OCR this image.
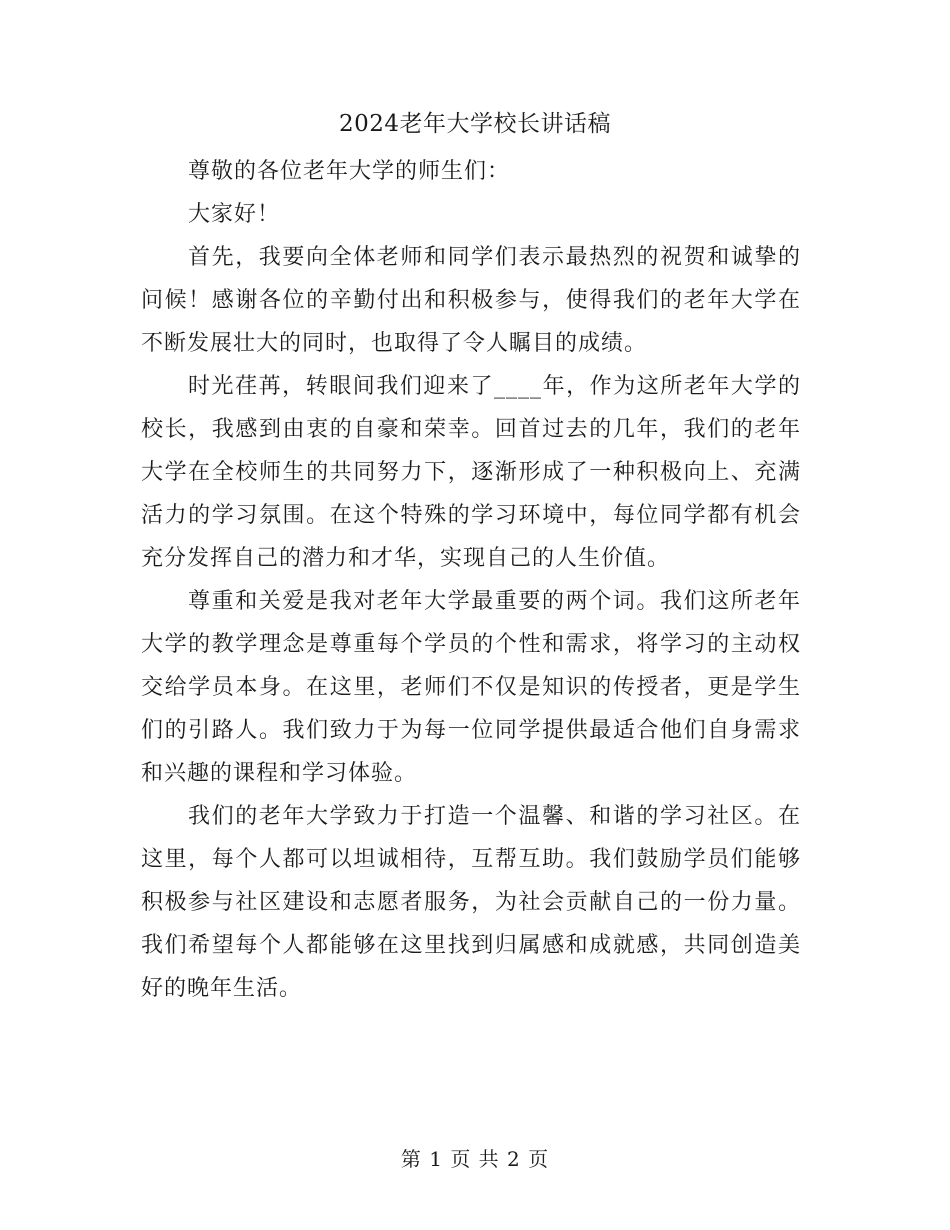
2024老年大学校长讲话稿

尊敬的各位老年大学的师生们：

大家好！

首先，我要向全体老师和同学们表示最热烈的祝贺和诚挚的问候！感谢各位的辛勤付出和积极参与，使得我们的老年大学在不断发展壮大的同时，也取得了令人瞩目的成绩。

时光荏苒，转眼间我们迎来了____年，作为这所老年大学的校长，我感到由衷的自豪和荣幸。回首过去的几年，我们的老年大学在全校师生的共同努力下，逐渐形成了一种积极向上、充满活力的学习氛围。在这个特殊的学习环境中，每位同学都有机会充分发挥自己的潜力和才华，实现自己的人生价值。

尊重和关爱是我对老年大学最重要的两个词。我们这所老年大学的教学理念是尊重每个学员的个性和需求，将学习的主动权交给学员本身。在这里，老师们不仅是知识的传授者，更是学生们的引路人。我们致力于为每一位同学提供最适合他们自身需求和兴趣的课程和学习体验。

我们的老年大学致力于打造一个温馨、和谐的学习社区。在这里，每个人都可以坦诚相待，互帮互助。我们鼓励学员们能够积极参与社区建设和志愿者服务，为社会贡献自己的一份力量。我们希望每个人都能够在这里找到归属感和成就感，共同创造美好的晚年生活。

第 1 页 共 2 页
